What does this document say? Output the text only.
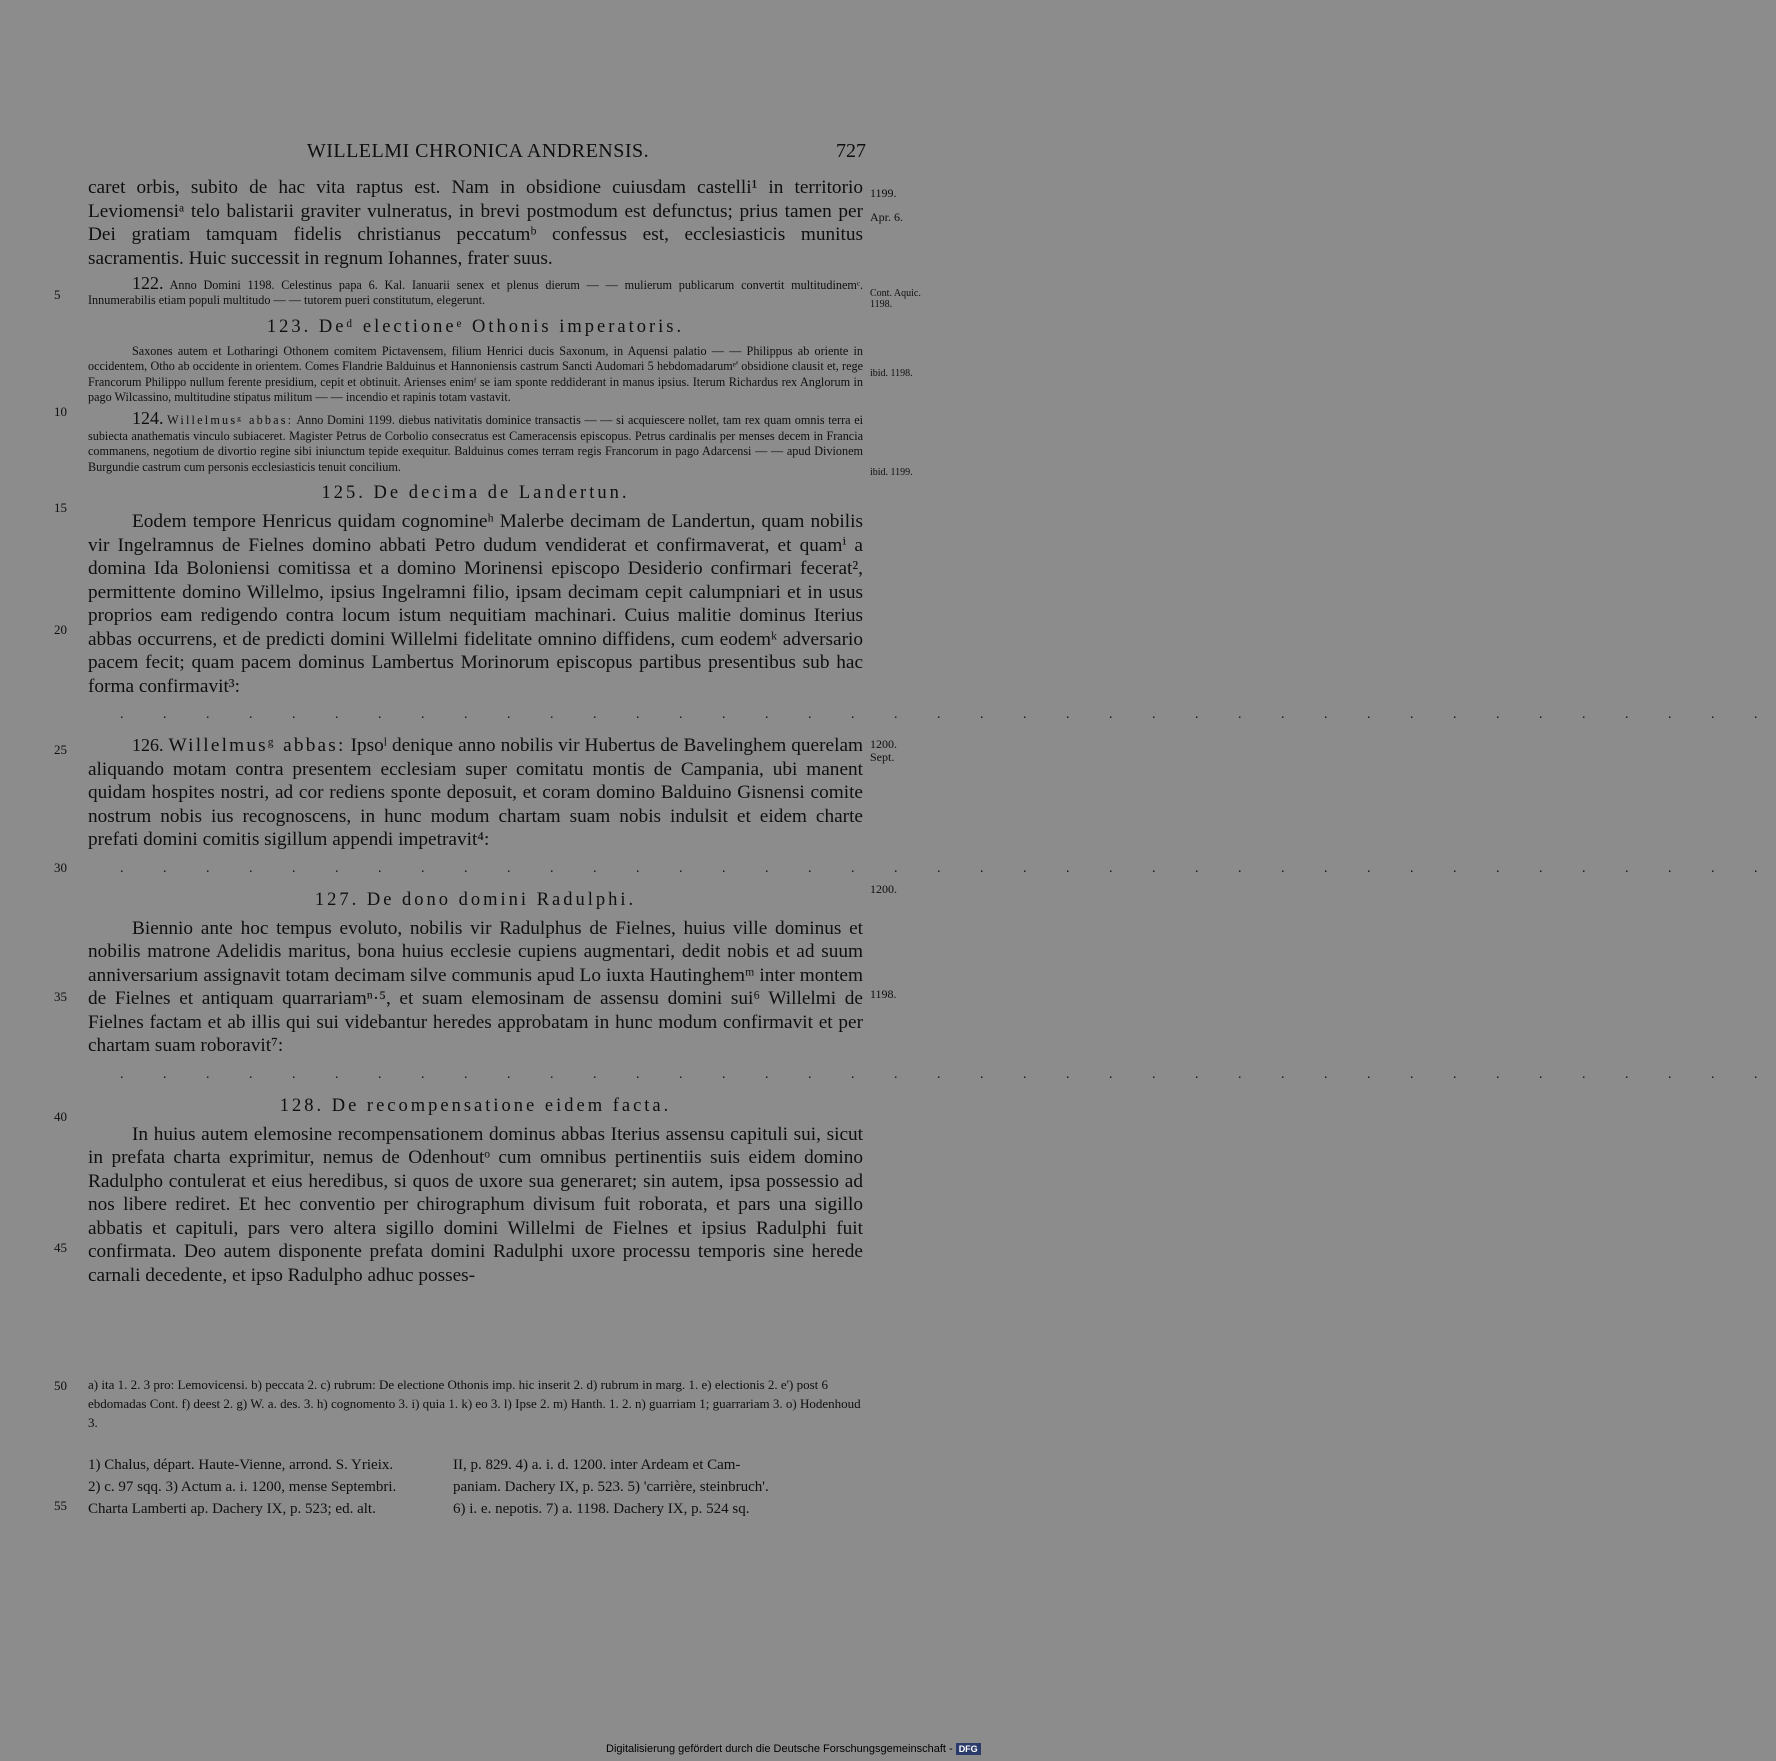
WILLELMI CHRONICA ANDRENSIS.	727
5
10
15
20
25
30
35
40
45
50
55
1199.
Apr. 6.
Cont. Aquic. 1198.
ibid. 1198.
ibid. 1199.
1200. Sept.
1200.
1198.

caret orbis, subito de hac vita raptus est. Nam in obsidione cuiusdam castelli¹ in territorio Leviomensiᵃ telo balistarii graviter vulneratus, in brevi postmodum est defunctus; prius tamen per Dei gratiam tamquam fidelis christianus peccatumᵇ confessus est, ecclesiasticis munitus sacramentis. Huic successit in regnum Iohannes, frater suus.

122. Anno Domini 1198. Celestinus papa 6. Kal. Ianuarii senex et plenus dierum — — mulierum publicarum convertit multitudinemᶜ. Innumerabilis etiam populi multitudo — — tutorem pueri constitutum, elegerunt.

123. Deᵈ electioneᵉ Othonis imperatoris.

Saxones autem et Lotharingi Othonem comitem Pictavensem, filium Henrici ducis Saxonum, in Aquensi palatio — — Philippus ab oriente in occidentem, Otho ab occidente in orientem. Comes Flandrie Balduinus et Hannoniensis castrum Sancti Audomari 5 hebdomadarumᵉ' obsidione clausit et, rege Francorum Philippo nullum ferente presidium, cepit et obtinuit. Arienses enimᶠ se iam sponte reddiderant in manus ipsius. Iterum Richardus rex Anglorum in pago Wilcassino, multitudine stipatus militum — — incendio et rapinis totam vastavit.

124. Willelmusᵍ abbas: Anno Domini 1199. diebus nativitatis dominice transactis — — si acquiescere nollet, tam rex quam omnis terra ei subiecta anathematis vinculo subiaceret. Magister Petrus de Corbolio consecratus est Cameracensis episcopus. Petrus cardinalis per menses decem in Francia commanens, negotium de divortio regine sibi iniunctum tepide exequitur. Balduinus comes terram regis Francorum in pago Adarcensi — — apud Divionem Burgundie castrum cum personis ecclesiasticis tenuit concilium.

125. De decima de Landertun.

Eodem tempore Henricus quidam cognomineʰ Malerbe decimam de Landertun, quam nobilis vir Ingelramnus de Fielnes domino abbati Petro dudum vendiderat et confirmaverat, et quamⁱ a domina Ida Boloniensi comitissa et a domino Morinensi episcopo Desiderio confirmari fecerat², permittente domino Willelmo, ipsius Ingelramni filio, ipsam decimam cepit calumpniari et in usus proprios eam redigendo contra locum istum nequitiam machinari. Cuius malitie dominus Iterius abbas occurrens, et de predicti domini Willelmi fidelitate omnino diffidens, cum eodemᵏ adversario pacem fecit; quam pacem dominus Lambertus Morinorum episcopus partibus presentibus sub hac forma confirmavit³:

. . . . . . . . . . . . . . . . . . . . . . . . . . . . . . . . . . . . . . .

126. Willelmusᵍ abbas: Ipsoˡ denique anno nobilis vir Hubertus de Bavelinghem querelam aliquando motam contra presentem ecclesiam super comitatu montis de Campania, ubi manent quidam hospites nostri, ad cor rediens sponte deposuit, et coram domino Balduino Gisnensi comite nostrum nobis ius recognoscens, in hunc modum chartam suam nobis indulsit et eidem charte prefati domini comitis sigillum appendi impetravit⁴:

. . . . . . . . . . . . . . . . . . . . . . . . . . . . . . . . . . . . . . .
127. De dono domini Radulphi.

Biennio ante hoc tempus evoluto, nobilis vir Radulphus de Fielnes, huius ville dominus et nobilis matrone Adelidis maritus, bona huius ecclesie cupiens augmentari, dedit nobis et ad suum anniversarium assignavit totam decimam silve communis apud Lo iuxta Hautinghemᵐ inter montem de Fielnes et antiquam quarrariamⁿ·⁵, et suam elemosinam de assensu domini sui⁶ Willelmi de Fielnes factam et ab illis qui sui videbantur heredes approbatam in hunc modum confirmavit et per chartam suam roboravit⁷:

. . . . . . . . . . . . . . . . . . . . . . . . . . . . . . . . . . . . . . .
128. De recompensatione eidem facta.

In huius autem elemosine recompensationem dominus abbas Iterius assensu capituli sui, sicut in prefata charta exprimitur, nemus de Odenhoutᵒ cum omnibus pertinentiis suis eidem domino Radulpho contulerat et eius heredibus, si quos de uxore sua generaret; sin autem, ipsa possessio ad nos libere rediret. Et hec conventio per chirographum divisum fuit roborata, et pars una sigillo abbatis et capituli, pars vero altera sigillo domini Willelmi de Fielnes et ipsius Radulphi fuit confirmata. Deo autem disponente prefata domini Radulphi uxore processu temporis sine herede carnali decedente, et ipso Radulpho adhuc posses-

a) ita 1. 2. 3 pro: Lemovicensi. b) peccata 2. c) rubrum: De electione Othonis imp. hic inserit 2. d) rubrum in marg. 1. e) electionis 2. e') post 6 ebdomadas Cont. f) deest 2. g) W. a. des. 3. h) cognomento 3. i) quia 1. k) eo 3. l) Ipse 2. m) Hanth. 1. 2. n) guarriam 1; guarrariam 3. o) Hodenhoud 3.
1) Chalus, départ. Haute-Vienne, arrond. S. Yrieix.	II, p. 829. 4) a. i. d. 1200. inter Ardeam et Cam-
2) c. 97 sqq. 3) Actum a. i. 1200, mense Septembri.	paniam. Dachery IX, p. 523. 5) 'carrière, steinbruch'.
Charta Lamberti ap. Dachery IX, p. 523; ed. alt.	6) i. e. nepotis. 7) a. 1198. Dachery IX, p. 524 sq.
Digitalisierung gefördert durch die Deutsche Forschungsgemeinschaft - DFG
